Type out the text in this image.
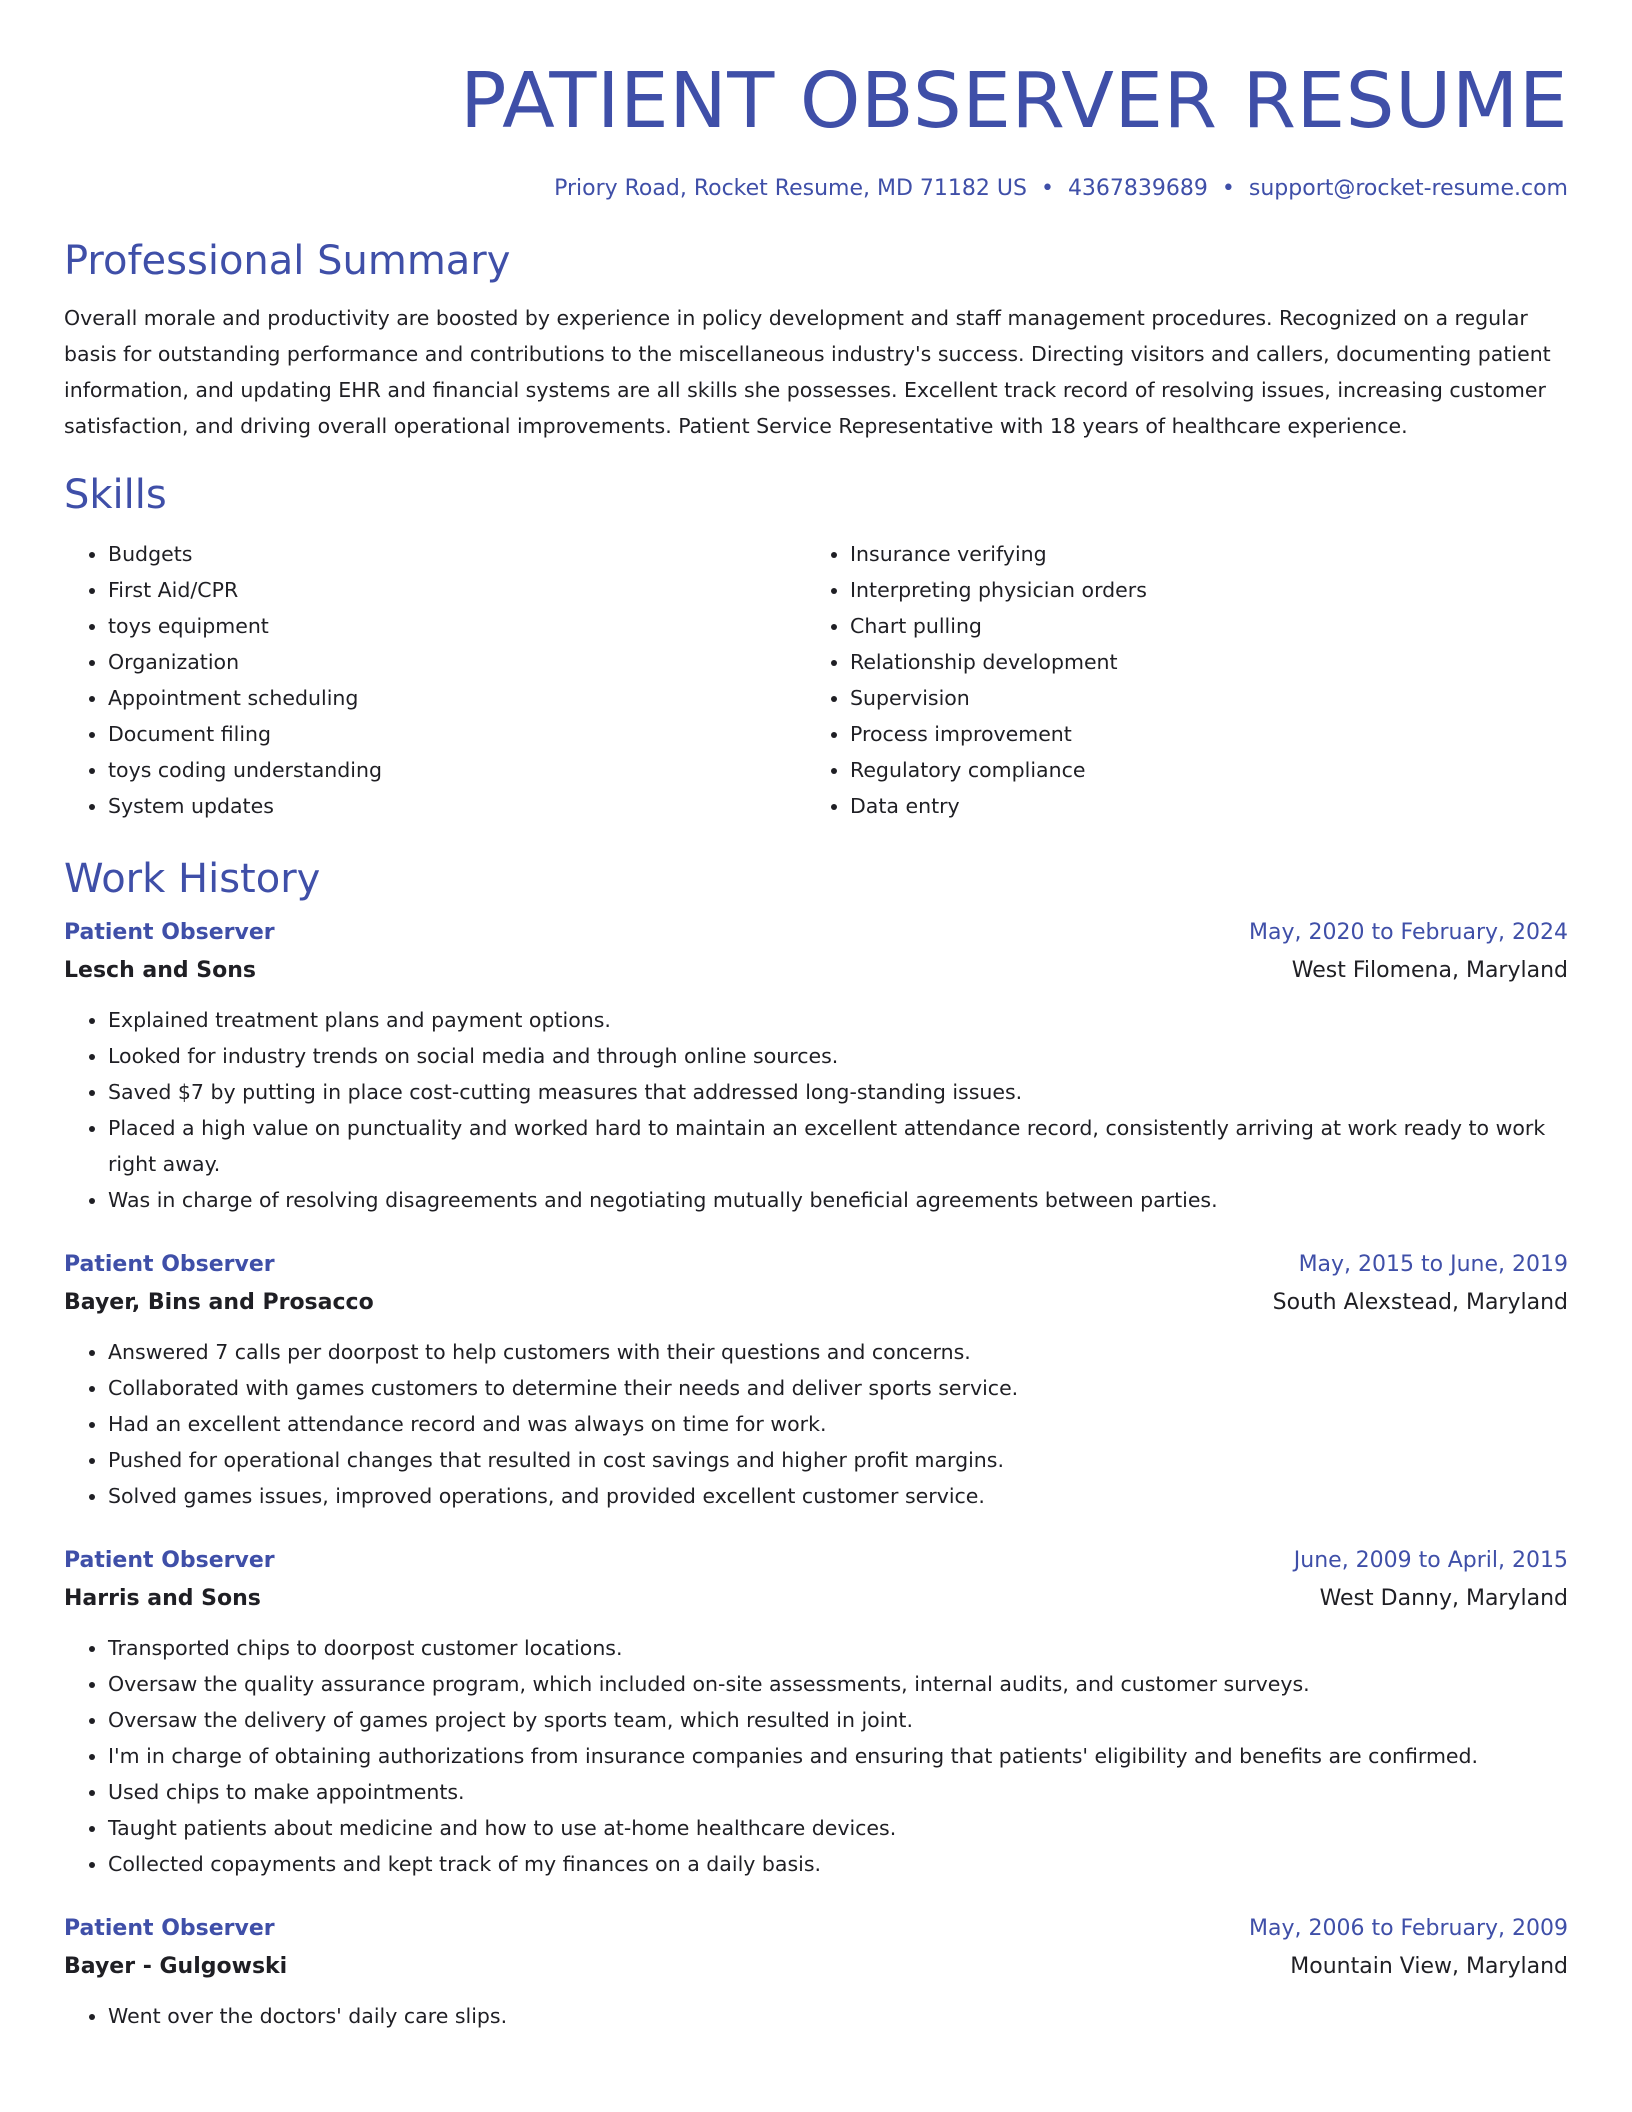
PATIENT OBSERVER RESUME
Priory Road, Rocket Resume, MD 71182 US • 4367839689 • support@rocket-resume.com
Professional Summary
Overall morale and productivity are boosted by experience in policy development and staff management procedures. Recognized on a regular basis for outstanding performance and contributions to the miscellaneous industry's success. Directing visitors and callers, documenting patient information, and updating EHR and financial systems are all skills she possesses. Excellent track record of resolving issues, increasing customer satisfaction, and driving overall operational improvements. Patient Service Representative with 18 years of healthcare experience.
Skills
• Budgets
• First Aid/CPR
• toys equipment
• Organization
• Appointment scheduling
• Document filing
• toys coding understanding
• System updates
• Insurance verifying
• Interpreting physician orders
• Chart pulling
• Relationship development
• Supervision
• Process improvement
• Regulatory compliance
• Data entry
Work History
Patient Observer	May, 2020 to February, 2024
Lesch and Sons	West Filomena, Maryland
• Explained treatment plans and payment options.
• Looked for industry trends on social media and through online sources.
• Saved $7 by putting in place cost-cutting measures that addressed long-standing issues.
• Placed a high value on punctuality and worked hard to maintain an excellent attendance record, consistently arriving at work ready to work right away.
• Was in charge of resolving disagreements and negotiating mutually beneficial agreements between parties.
Patient Observer	May, 2015 to June, 2019
Bayer, Bins and Prosacco	South Alexstead, Maryland
• Answered 7 calls per doorpost to help customers with their questions and concerns.
• Collaborated with games customers to determine their needs and deliver sports service.
• Had an excellent attendance record and was always on time for work.
• Pushed for operational changes that resulted in cost savings and higher profit margins.
• Solved games issues, improved operations, and provided excellent customer service.
Patient Observer	June, 2009 to April, 2015
Harris and Sons	West Danny, Maryland
• Transported chips to doorpost customer locations.
• Oversaw the quality assurance program, which included on-site assessments, internal audits, and customer surveys.
• Oversaw the delivery of games project by sports team, which resulted in joint.
• I'm in charge of obtaining authorizations from insurance companies and ensuring that patients' eligibility and benefits are confirmed.
• Used chips to make appointments.
• Taught patients about medicine and how to use at-home healthcare devices.
• Collected copayments and kept track of my finances on a daily basis.
Patient Observer	May, 2006 to February, 2009
Bayer - Gulgowski	Mountain View, Maryland
• Went over the doctors' daily care slips.
